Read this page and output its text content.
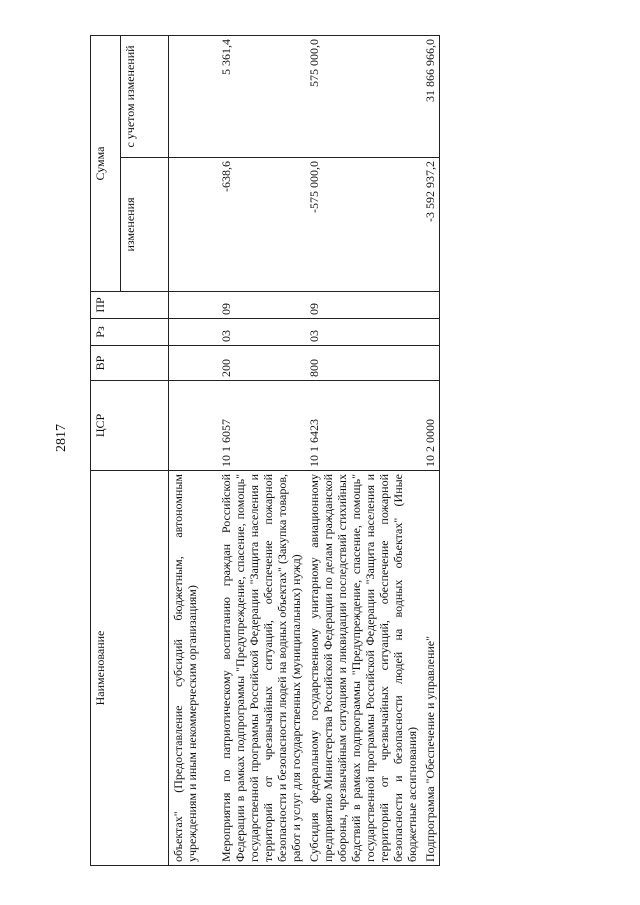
2817
Наименование	ЦСР	ВР	Рз	ПР	Сумма	
					изменения	с учетом изменений
объектах" (Предоставление субсидий бюджетным, автономным учреждениям и иным некоммерческим организациям)						
Мероприятия по патриотическому воспитанию граждан Российской Федерации в рамках подпрограммы "Предупреждение, спасение, помощь" государственной программы Российской Федерации "Защита населения и территорий от чрезвычайных ситуаций, обеспечение пожарной безопасности и безопасности людей на водных объектах" (Закупка товаров, работ и услуг для государственных (муниципальных) нужд)	10 1 6057	200	03	09	-638,6	5 361,4
Субсидия федеральному государственному унитарному авиационному предприятию Министерства Российской Федерации по делам гражданской обороны, чрезвычайным ситуациям и ликвидации последствий стихийных бедствий в рамках подпрограммы "Предупреждение, спасение, помощь" государственной программы Российской Федерации "Защита населения и территорий от чрезвычайных ситуаций, обеспечение пожарной безопасности и безопасности людей на водных объектах" (Иные бюджетные ассигнования)	10 1 6423	800	03	09	-575 000,0	575 000,0
Подпрограмма "Обеспечение и управление"	10 2 0000				-3 592 937,2	31 866 966,0
